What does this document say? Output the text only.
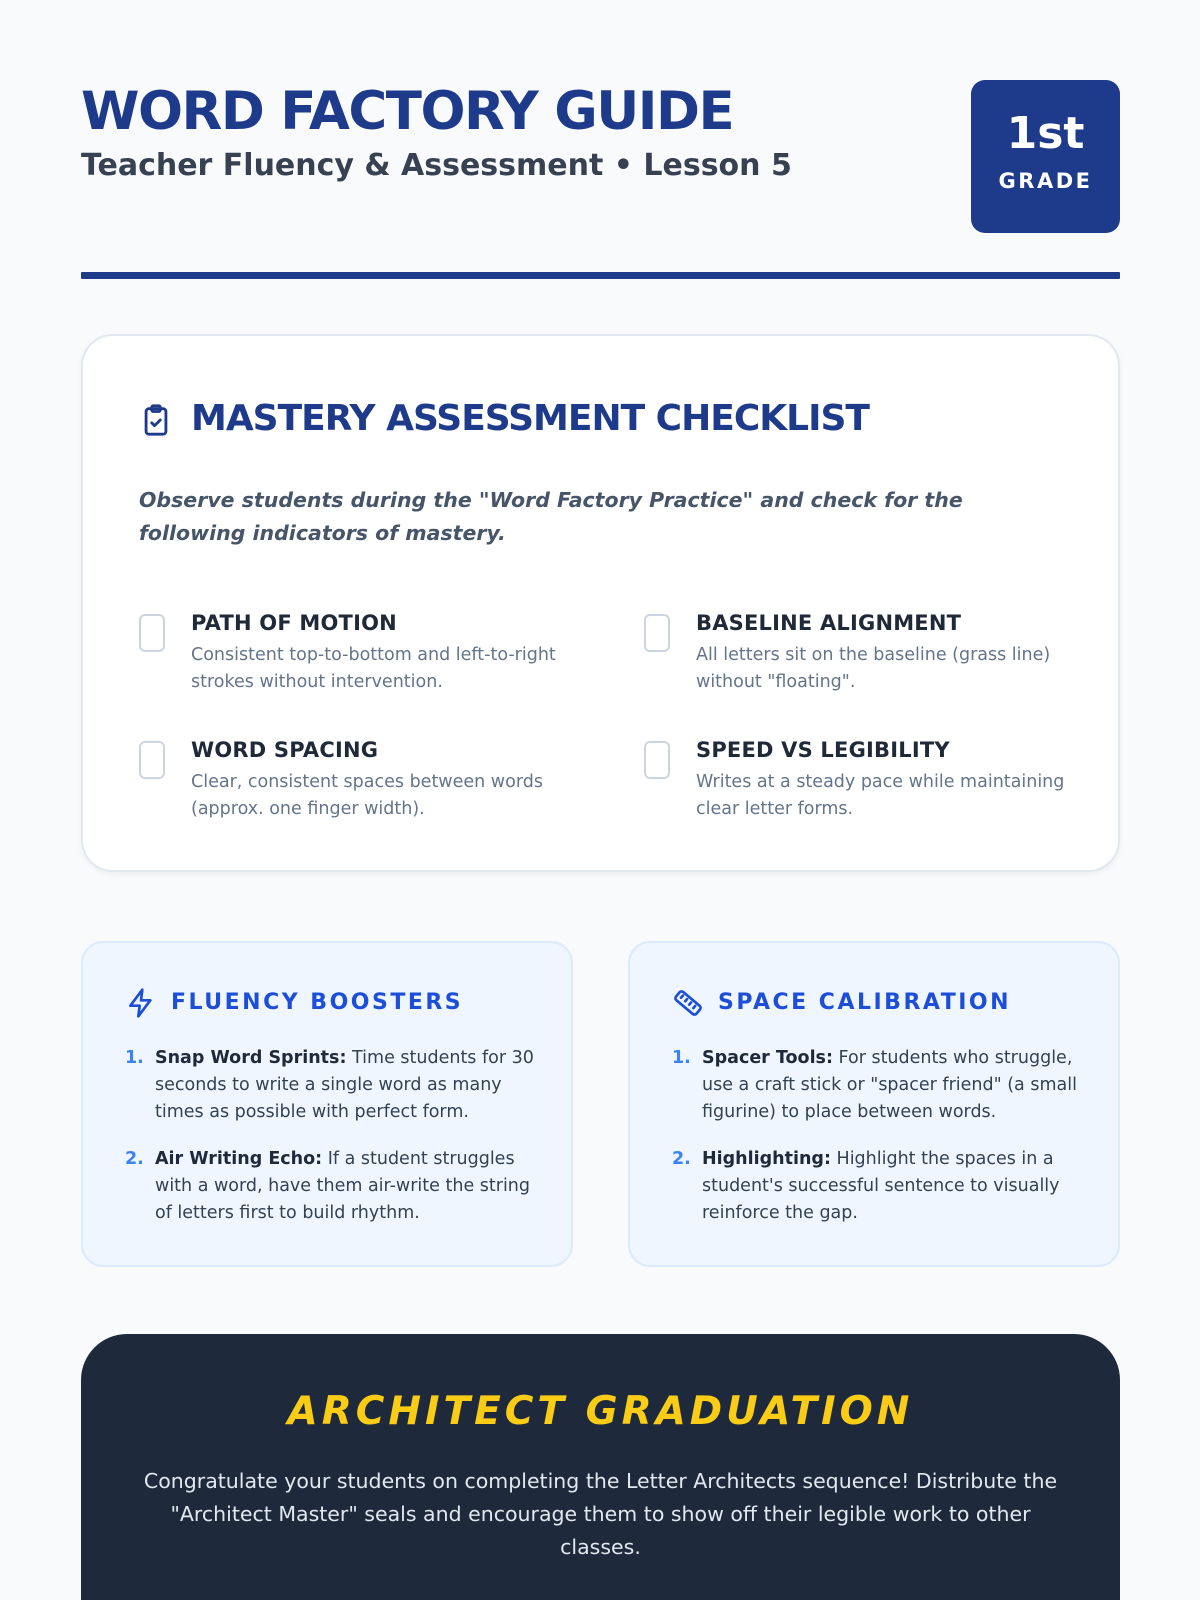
WORD FACTORY GUIDE
Teacher Fluency & Assessment • Lesson 5
1st
GRADE
MASTERY ASSESSMENT CHECKLIST

Observe students during the "Word Factory Practice" and check for the following indicators of mastery.

PATH OF MOTION
Consistent top-to-bottom and left-to-right strokes without intervention.
BASELINE ALIGNMENT
All letters sit on the baseline (grass line) without "floating".
WORD SPACING
Clear, consistent spaces between words (approx. one finger width).
SPEED VS LEGIBILITY
Writes at a steady pace while maintaining clear letter forms.
FLUENCY BOOSTERS
1. Snap Word Sprints: Time students for 30 seconds to write a single word as many times as possible with perfect form.
2. Air Writing Echo: If a student struggles with a word, have them air-write the string of letters first to build rhythm.
SPACE CALIBRATION
1. Spacer Tools: For students who struggle, use a craft stick or "spacer friend" (a small figurine) to place between words.
2. Highlighting: Highlight the spaces in a student's successful sentence to visually reinforce the gap.
ARCHITECT GRADUATION

Congratulate your students on completing the Letter Architects sequence! Distribute the "Architect Master" seals and encourage them to show off their legible work to other classes.
